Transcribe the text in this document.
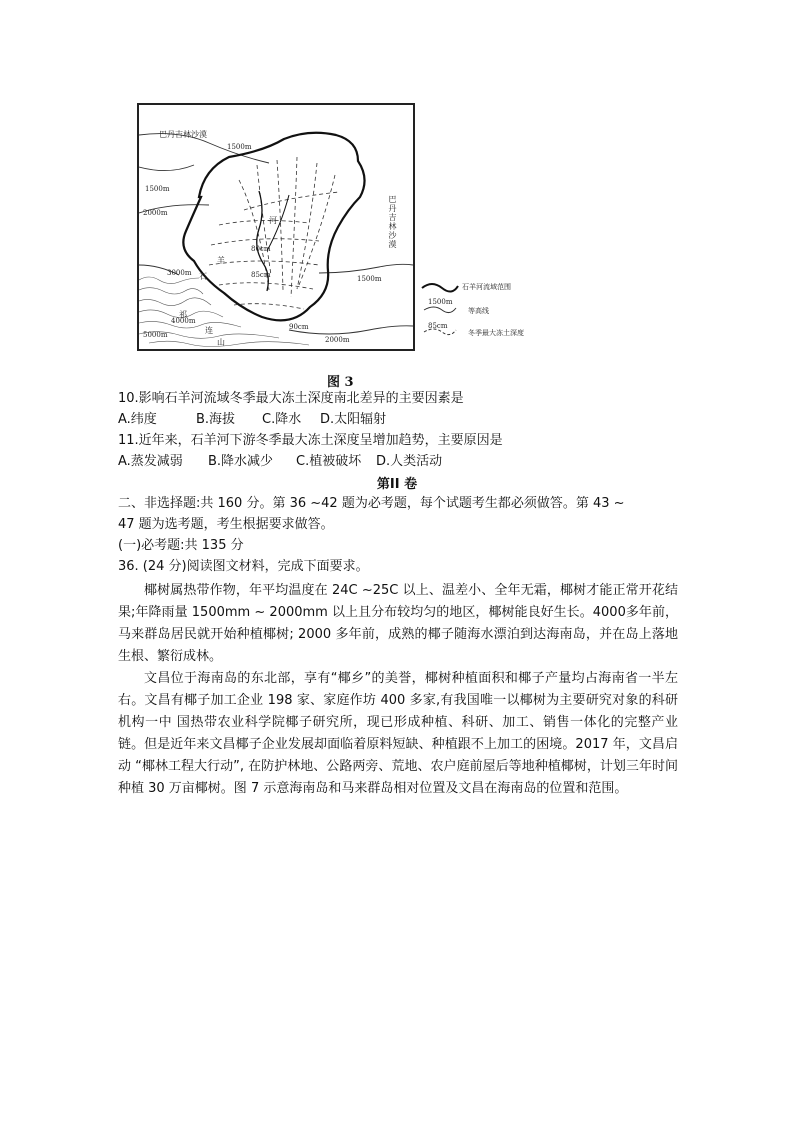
巴丹吉林沙漠
巴丹吉林沙漠
1500m
1500m
2000m
1500m
3000m
4000m
5000m
2000m
80cm
85cm
90cm
河
羊
石
祁
连
山
石羊河流域范围
1500m
等高线
85cm
冬季最大冻土深度
图 3
10.影响石羊河流域冬季最大冻土深度南北差异的主要因素是
A.纬度	B.海拔 C.降水 D.太阳辐射
11.近年来，石羊河下游冬季最大冻土深度呈增加趋势，主要原因是
A.蒸发减弱 B.降水减少 C.植被破坏 D.人类活动
第II 卷
二、非选择题:共 160 分。第 36 ~42 题为必考题，每个试题考生都必须做答。第 43 ~
47 题为选考题，考生根据要求做答。
(一)必考题:共 135 分
36. (24 分)阅读图文材料，完成下面要求。
椰树属热带作物，年平均温度在 24C ~25C 以上、温差小、全年无霜，椰树才能正常开花结果;年降雨量 1500mm ~ 2000mm 以上且分布较均匀的地区，椰树能良好生长。4000多年前，马来群岛居民就开始种植椰树; 2000 多年前，成熟的椰子随海水漂泊到达海南岛，并在岛上落地生根、繁衍成林。
文昌位于海南岛的东北部，享有“椰乡”的美誉，椰树种植面积和椰子产量均占海南省一半左右。文昌有椰子加工企业 198 家、家庭作坊 400 多家,有我国唯一以椰树为主要研究对象的科研机构一中 国热带农业科学院椰子研究所，现已形成种植、科研、加工、销售一体化的完整产业链。但是近年来文昌椰子企业发展却面临着原料短缺、种植跟不上加工的困境。2017 年，文昌启动 “椰林工程大行动”, 在防护林地、公路两旁、荒地、农户庭前屋后等地种植椰树，计划三年时间种植 30 万亩椰树。图 7 示意海南岛和马来群岛相对位置及文昌在海南岛的位置和范围。
